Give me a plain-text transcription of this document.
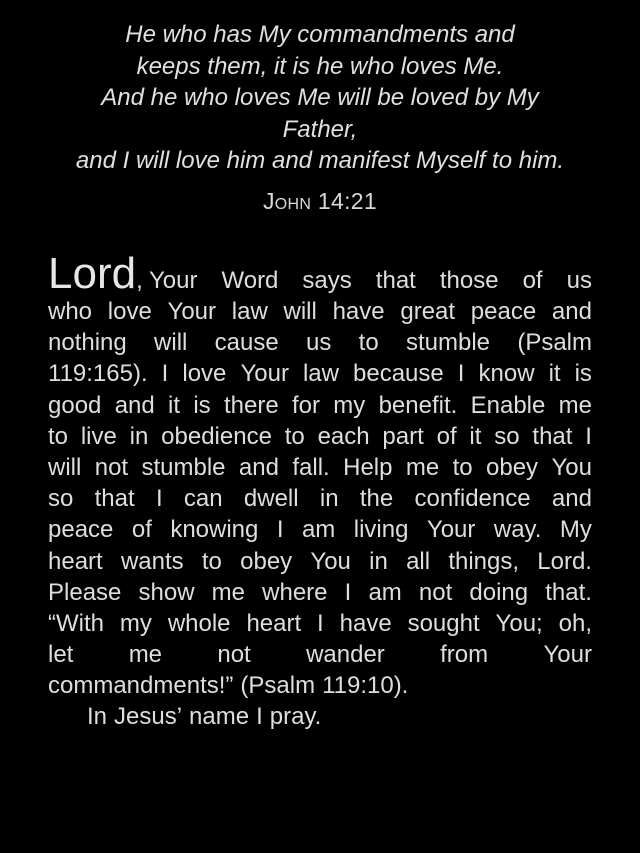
He who has My commandments and
keeps them, it is he who loves Me.
And he who loves Me will be loved by My
Father,
and I will love him and manifest Myself to him.
John 14:21
Lord, Your Word says that those of us
who love Your law will have great peace and
nothing will cause us to stumble (Psalm
119:165). I love Your law because I know it is
good and it is there for my benefit. Enable me
to live in obedience to each part of it so that I
will not stumble and fall. Help me to obey You
so that I can dwell in the confidence and
peace of knowing I am living Your way. My
heart wants to obey You in all things, Lord.
Please show me where I am not doing that.
“With my whole heart I have sought You; oh,
let me not wander from Your
commandments!” (Psalm 119:10).
In Jesus’ name I pray.
